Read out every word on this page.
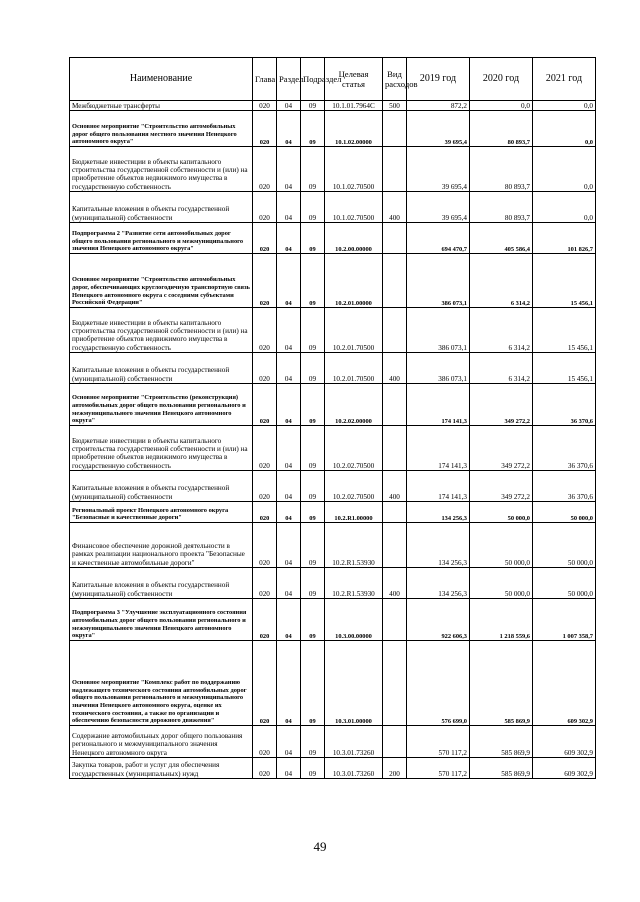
Наименование	Глава	Раздел	Подраздел	Целевая статья	Вид расходов	2019 год	2020 год	2021 год
Межбюджетные трансферты	020	04	09	10.1.01.7964С	500	872,2	0,0	0,0
Основное мероприятие "Строительство автомобильных дорог общего пользования местного значения Ненецкого автономного округа"	020	04	09	10.1.02.00000		39 695,4	80 893,7	0,0
Бюджетные инвестиции в объекты капитального строительства государственной собственности и (или) на приобретение объектов недвижимого имущества в государственную собственность	020	04	09	10.1.02.70500		39 695,4	80 893,7	0,0
Капитальные вложения в объекты государственной (муниципальной) собственности	020	04	09	10.1.02.70500	400	39 695,4	80 893,7	0,0
Подпрограмма 2 "Развитие сети автомобильных дорог общего пользования регионального и межмуниципального значения Ненецкого автономного округа"	020	04	09	10.2.00.00000		694 470,7	405 586,4	101 826,7
Основное мероприятие "Строительство автомобильных дорог, обеспечивающих круглогодичную транспортную связь Ненецкого автономного округа с соседними субъектами Российской Федерации"	020	04	09	10.2.01.00000		386 073,1	6 314,2	15 456,1
Бюджетные инвестиции в объекты капитального строительства государственной собственности и (или) на приобретение объектов недвижимого имущества в государственную собственность	020	04	09	10.2.01.70500		386 073,1	6 314,2	15 456,1
Капитальные вложения в объекты государственной (муниципальной) собственности	020	04	09	10.2.01.70500	400	386 073,1	6 314,2	15 456,1
Основное мероприятие "Строительство (реконструкция) автомобильных дорог общего пользования регионального и межмуниципального значения Ненецкого автономного округа"	020	04	09	10.2.02.00000		174 141,3	349 272,2	36 370,6
Бюджетные инвестиции в объекты капитального строительства государственной собственности и (или) на приобретение объектов недвижимого имущества в государственную собственность	020	04	09	10.2.02.70500		174 141,3	349 272,2	36 370,6
Капитальные вложения в объекты государственной (муниципальной) собственности	020	04	09	10.2.02.70500	400	174 141,3	349 272,2	36 370,6
Региональный проект Ненецкого автономного округа "Безопасные и качественные дороги"	020	04	09	10.2.R1.00000		134 256,3	50 000,0	50 000,0
Финансовое обеспечение дорожной деятельности в рамках реализации национального проекта "Безопасные и качественные автомобильные дороги"	020	04	09	10.2.R1.53930		134 256,3	50 000,0	50 000,0
Капитальные вложения в объекты государственной (муниципальной) собственности	020	04	09	10.2.R1.53930	400	134 256,3	50 000,0	50 000,0
Подпрограмма 3 "Улучшение эксплуатационного состояния автомобильных дорог общего пользования регионального и межмуниципального значения Ненецкого автономного округа"	020	04	09	10.3.00.00000		922 606,3	1 218 559,6	1 007 358,7
Основное мероприятие "Комплекс работ по поддержанию надлежащего технического состояния автомобильных дорог общего пользования регионального и межмуниципального значения Ненецкого автономного округа, оценке их технического состояния, а также по организации и обеспечению безопасности дорожного движения"	020	04	09	10.3.01.00000		576 699,0	585 869,9	609 302,9
Содержание автомобильных дорог общего пользования регионального и межмуниципального значения Ненецкого автономного округа	020	04	09	10.3.01.73260		570 117,2	585 869,9	609 302,9
Закупка товаров, работ и услуг для обеспечения государственных (муниципальных) нужд	020	04	09	10.3.01.73260	200	570 117,2	585 869,9	609 302,9
49
